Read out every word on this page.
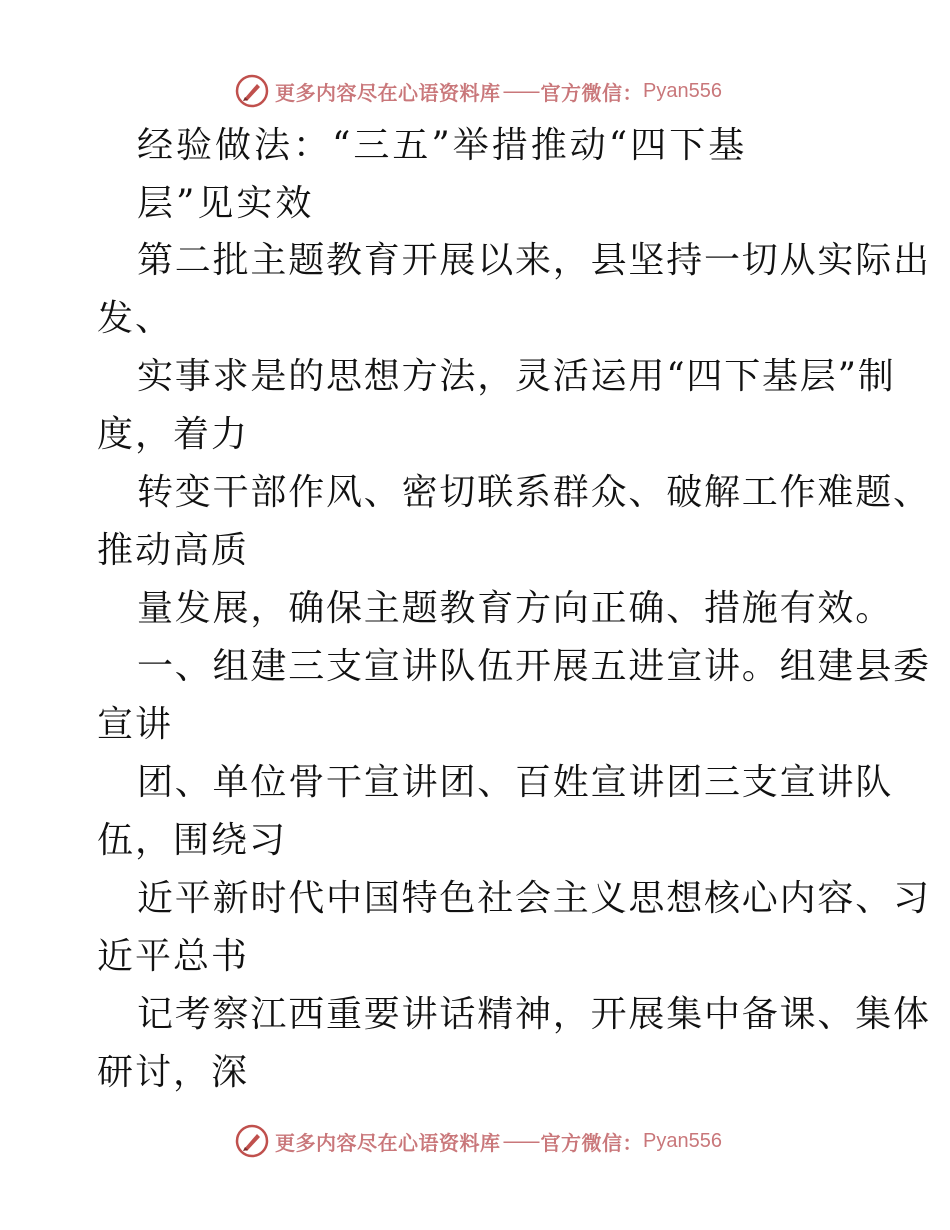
更多内容尽在心语资料库 —— 官方微信： Pyan556
经验做法：“三五”举措推动“四下基
层”见实效
第二批主题教育开展以来，县坚持一切从实际出
发、
实事求是的思想方法，灵活运用“四下基层”制
度，着力
转变干部作风、密切联系群众、破解工作难题、
推动高质
量发展，确保主题教育方向正确、措施有效。
一、组建三支宣讲队伍开展五进宣讲。组建县委
宣讲
团、单位骨干宣讲团、百姓宣讲团三支宣讲队
伍，围绕习
近平新时代中国特色社会主义思想核心内容、习
近平总书
记考察江西重要讲话精神，开展集中备课、集体
研讨，深
更多内容尽在心语资料库 —— 官方微信： Pyan556
